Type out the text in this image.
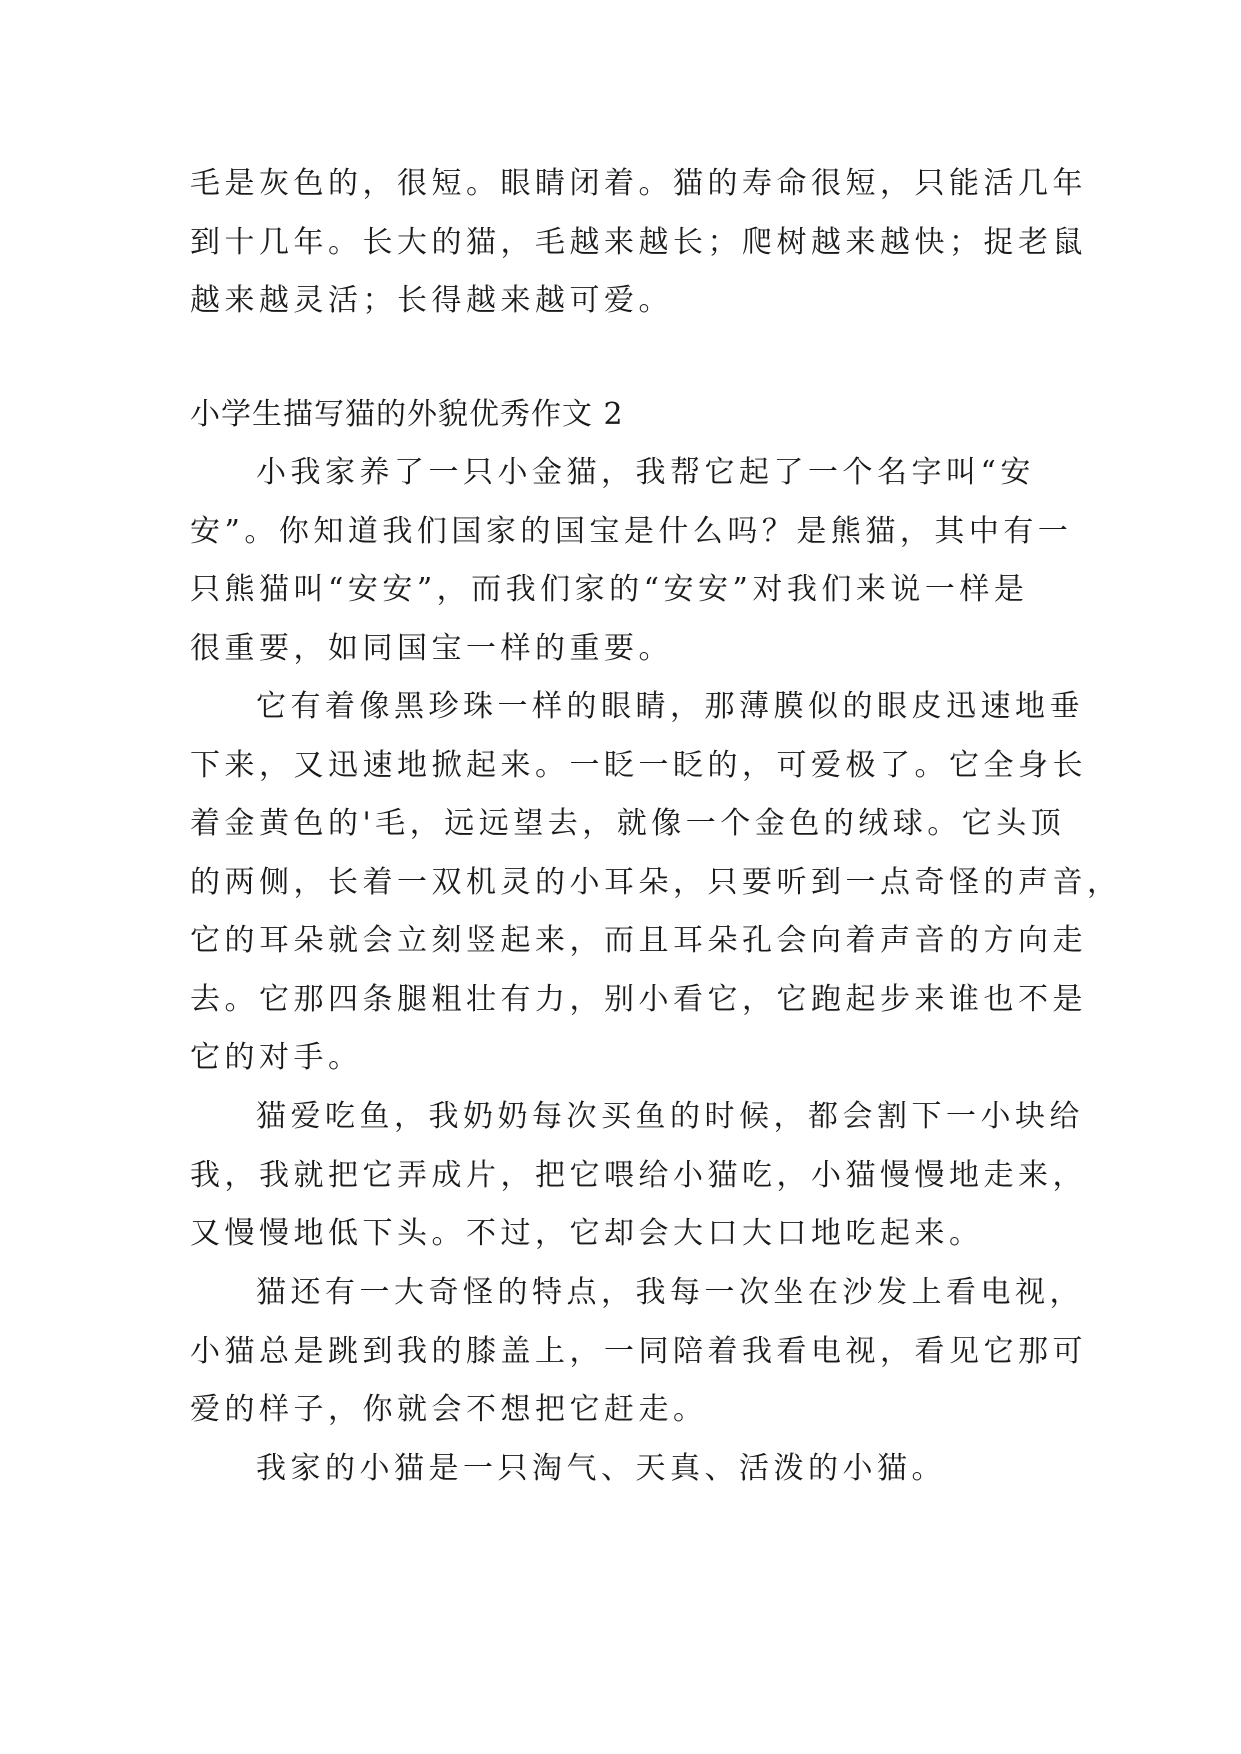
毛是灰色的，很短。眼睛闭着。猫的寿命很短，只能活几年
到十几年。长大的猫，毛越来越长；爬树越来越快；捉老鼠
越来越灵活；长得越来越可爱。
小学生描写猫的外貌优秀作文 2
小我家养了一只小金猫，我帮它起了一个名字叫“安
安”。你知道我们国家的国宝是什么吗？是熊猫，其中有一
只熊猫叫“安安”，而我们家的“安安”对我们来说一样是
很重要，如同国宝一样的重要。
它有着像黑珍珠一样的眼睛，那薄膜似的眼皮迅速地垂
下来，又迅速地掀起来。一眨一眨的，可爱极了。它全身长
着金黄色的'毛，远远望去，就像一个金色的绒球。它头顶
的两侧，长着一双机灵的小耳朵，只要听到一点奇怪的声音，
它的耳朵就会立刻竖起来，而且耳朵孔会向着声音的方向走
去。它那四条腿粗壮有力，别小看它，它跑起步来谁也不是
它的对手。
猫爱吃鱼，我奶奶每次买鱼的时候，都会割下一小块给
我，我就把它弄成片，把它喂给小猫吃，小猫慢慢地走来，
又慢慢地低下头。不过，它却会大口大口地吃起来。
猫还有一大奇怪的特点，我每一次坐在沙发上看电视，
小猫总是跳到我的膝盖上，一同陪着我看电视，看见它那可
爱的样子，你就会不想把它赶走。
我家的小猫是一只淘气、天真、活泼的小猫。
